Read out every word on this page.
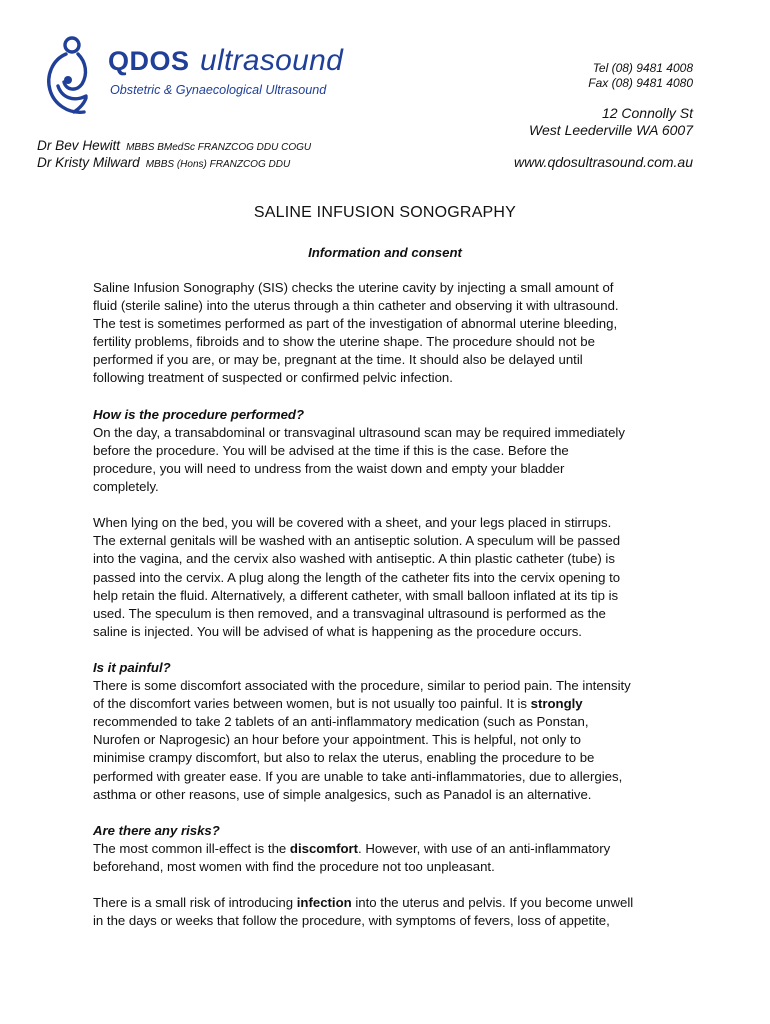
QDOS ultrasound
Obstetric & Gynaecological Ultrasound
Tel (08) 9481 4008
Fax (08) 9481 4080
12 Connolly St
West Leederville WA 6007
www.qdosultrasound.com.au
Dr Bev Hewitt MBBS BMedSc FRANZCOG DDU COGU
Dr Kristy Milward MBBS (Hons) FRANZCOG DDU
SALINE INFUSION SONOGRAPHY
Information and consent

Saline Infusion Sonography (SIS) checks the uterine cavity by injecting a small amount of

fluid (sterile saline) into the uterus through a thin catheter and observing it with ultrasound.

The test is sometimes performed as part of the investigation of abnormal uterine bleeding,

fertility problems, fibroids and to show the uterine shape. The procedure should not be

performed if you are, or may be, pregnant at the time. It should also be delayed until

following treatment of suspected or confirmed pelvic infection.

How is the procedure performed?

On the day, a transabdominal or transvaginal ultrasound scan may be required immediately

before the procedure. You will be advised at the time if this is the case. Before the

procedure, you will need to undress from the waist down and empty your bladder

completely.

When lying on the bed, you will be covered with a sheet, and your legs placed in stirrups.

The external genitals will be washed with an antiseptic solution. A speculum will be passed

into the vagina, and the cervix also washed with antiseptic. A thin plastic catheter (tube) is

passed into the cervix. A plug along the length of the catheter fits into the cervix opening to

help retain the fluid. Alternatively, a different catheter, with small balloon inflated at its tip is

used. The speculum is then removed, and a transvaginal ultrasound is performed as the

saline is injected. You will be advised of what is happening as the procedure occurs.

Is it painful?

There is some discomfort associated with the procedure, similar to period pain. The intensity

of the discomfort varies between women, but is not usually too painful. It is strongly

recommended to take 2 tablets of an anti-inflammatory medication (such as Ponstan,

Nurofen or Naprogesic) an hour before your appointment. This is helpful, not only to

minimise crampy discomfort, but also to relax the uterus, enabling the procedure to be

performed with greater ease. If you are unable to take anti-inflammatories, due to allergies,

asthma or other reasons, use of simple analgesics, such as Panadol is an alternative.

Are there any risks?

The most common ill-effect is the discomfort. However, with use of an anti-inflammatory

beforehand, most women with find the procedure not too unpleasant.

There is a small risk of introducing infection into the uterus and pelvis. If you become unwell

in the days or weeks that follow the procedure, with symptoms of fevers, loss of appetite,
